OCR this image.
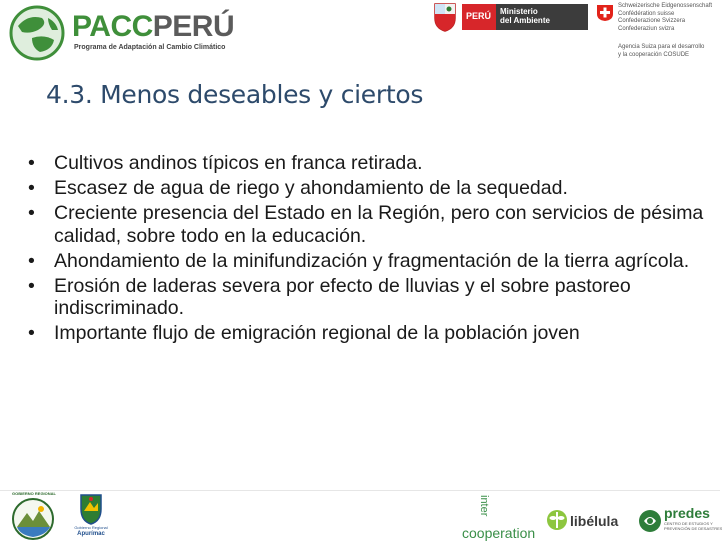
PACCPERÚ
Programa de Adaptación al Cambio Climático
PERÚ Ministerio
del Ambiente
Schweizerische Eidgenossenschaft
Confédération suisse
Confederazione Svizzera
Confederaziun svizra
Agencia Suiza para el desarrollo
y la cooperación COSUDE
4.3. Menos deseables y ciertos
• Cultivos andinos típicos en franca retirada.
• Escasez de agua de riego y ahondamiento de la sequedad.
• Creciente presencia del Estado en la Región, pero con servicios de pésima calidad, sobre todo en la educación.
• Ahondamiento de la minifundización y fragmentación de la tierra agrícola.
• Erosión de laderas severa por efecto de lluvias y el sobre pastoreo indiscriminado.
• Importante flujo de emigración regional de la población joven
Gobierno Regional
Apurímac
inter
cooperation
libélula	predes
CENTRO DE ESTUDIOS Y
PREVENCIÓN DE DESASTRES
GOBIERNO REGIONAL
